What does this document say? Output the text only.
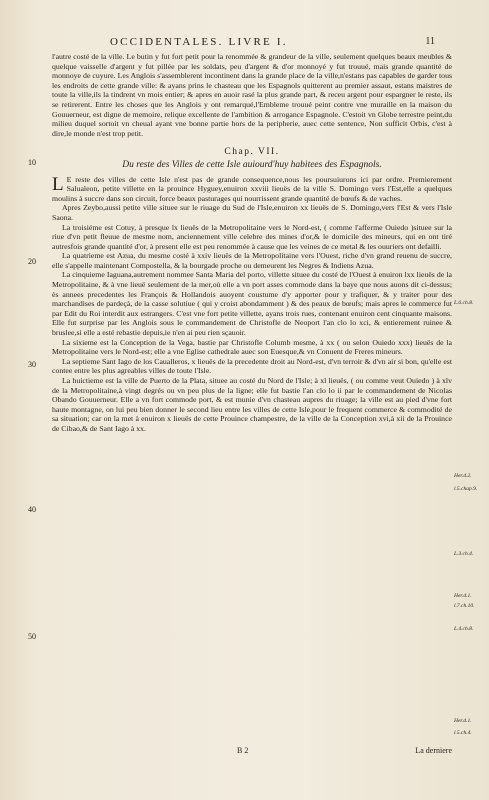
OCCIDENTALES. LIVRE I.	11

l'autre costé de la ville. Le butin y fut fort petit pour la renommée & grandeur de la ville, seulement quelques beaux meubles & quelque vaisselle d'argent y fut pillée par les soldats, peu d'argent & d'or monnoyé y fut trouué, mais grande quantité de monnoye de cuyure. Les Anglois s'assemblerent incontinent dans la grande place de la ville,n'estans pas capables de garder tous les endroits de cette grande ville: & ayans prins le chasteau que les Espagnols quitterent au premier assaut, estans maistres de toute la ville,ils la tindrent vn mois entier; & apres en auoir rasé la plus grande part, & receu argent pour espargner le reste, ils se retirerent. Entre les choses que les Anglois y ont remarqué,l'Embleme trouué peint contre vne muraille en la maison du Gouuerneur, est digne de memoire, relique excellente de l'ambition & arrogance Espagnole. C'estoit vn Globe terrestre peint,du milieu duquel sortoit vn cheual ayant vne bonne partie hors de la peripherie, auec cette sentence, Non sufficit Orbis, c'est à dire,le monde n'est trop petit.

Chap. VII.
Du reste des Villes de cette Isle auiourd'huy habitees des Espagnols.

L E reste des villes de cette Isle n'est pas de grande consequence,nous les poursuiurons ici par ordre. Premierement Salualeon, petite villette en la prouince Hyguey,enuiron xxviii lieuës de la ville S. Domingo vers l'Est,elle a quelques moulins à succre dans son circuit, force beaux pasturages qui nourrissent grande quantité de bœufs & de vaches.

Apres Zeybo,aussi petite ville situee sur le riuage du Sud de l'Isle,enuiron xx lieuës de S. Domingo,vers l'Est & vers l'Isle Saona.

La troisiéme est Cotuy, à presque lx lieuës de la Metropolitaine vers le Nord-est, ( comme l'afferme Ouiedo )situee sur la riue d'vn petit fleuue de mesme nom, anciennement ville celebre des mines d'or,& le domicile des mineurs, qui en ont tiré autresfois grande quantité d'or, à present elle est peu renommée à cause que les veines de ce metal & les ouuriers ont defailli.

La quatrieme est Azua, du mesme costé à xxiv lieuës de la Metropolitaine vers l'Ouest, riche d'vn grand reuenu de succre, elle s'appelle maintenant Compostella, & la bourgade proche ou demeurent les Negres & Indiens Azua.

La cinquieme Iaguana,autrement nommee Santa Maria del porto, villette situee du costé de l'Ouest à enuiron lxx lieuës de la Metropolitaine, & à vne lieuë seulement de la mer,où elle a vn port asses commode dans la baye que nous auons dit ci-dessus; ès annees precedentes les François & Hollandois auoyent coustume d'y apporter pour y trafiquer, & y traiter pour des marchandises de pardeçà, de la casse solutiue ( qui y croist abondamment ) & des peaux de bœufs; mais apres le commerce fut par Edit du Roi interdit aux estrangers. C'est vne fort petite villette, ayans trois rues, contenant enuiron cent cinquante maisons. Elle fut surprise par les Anglois sous le commandement de Christofle de Neoport l'an clo lo xci, & entierement ruinee & bruslee,si elle a esté rebastie depuis,ie n'en ai peu rien sçauoir.

La sixieme est la Conception de la Vega, bastie par Christofle Columb mesme, à xx ( ou selon Ouiedo xxx) lieuës de la Metropolitaine vers le Nord-est; elle a vne Eglise cathedrale auec son Euesque,& vn Conuent de Freres mineurs.

La septieme Sant Iago de los Caualleros, x lieuës de la precedente droit au Nord-est, d'vn terroir & d'vn air si bon, qu'elle est contee entre les plus agreables villes de toute l'Isle.

La huictieme est la ville de Puerto de la Plata, situee au costé du Nord de l'Isle; à xl lieuës, ( ou comme veut Ouiedo ) à xlv de la Metropolitaine,à vingt degrés ou vn peu plus de la ligne; elle fut bastie l'an clo lo ii par le commandement de Nicolas Obando Gouuerneur. Elle a vn fort commode port, & est munie d'vn chasteau aupres du riuage; la ville est au pied d'vne fort haute montagne, on lui peu bien donner le second lieu entre les villes de cette Isle,pour le frequent commerce & commodité de sa situation; car on la met à enuiron x lieuës de cette Prouince champestre, de la ville de la Conception xvi,à xii de la Prouince de Cibao,& de Sant Iago à xx.

10
20
30
40
50
L.6.ch.8.
Her.d.2.
l.5.chap.9.
L.3.ch.4.
Her.d.1.
l.7.ch.10.
L.4.ch.8.
Her.d.1.
l.5.ch.4.
B 2	La derniere
